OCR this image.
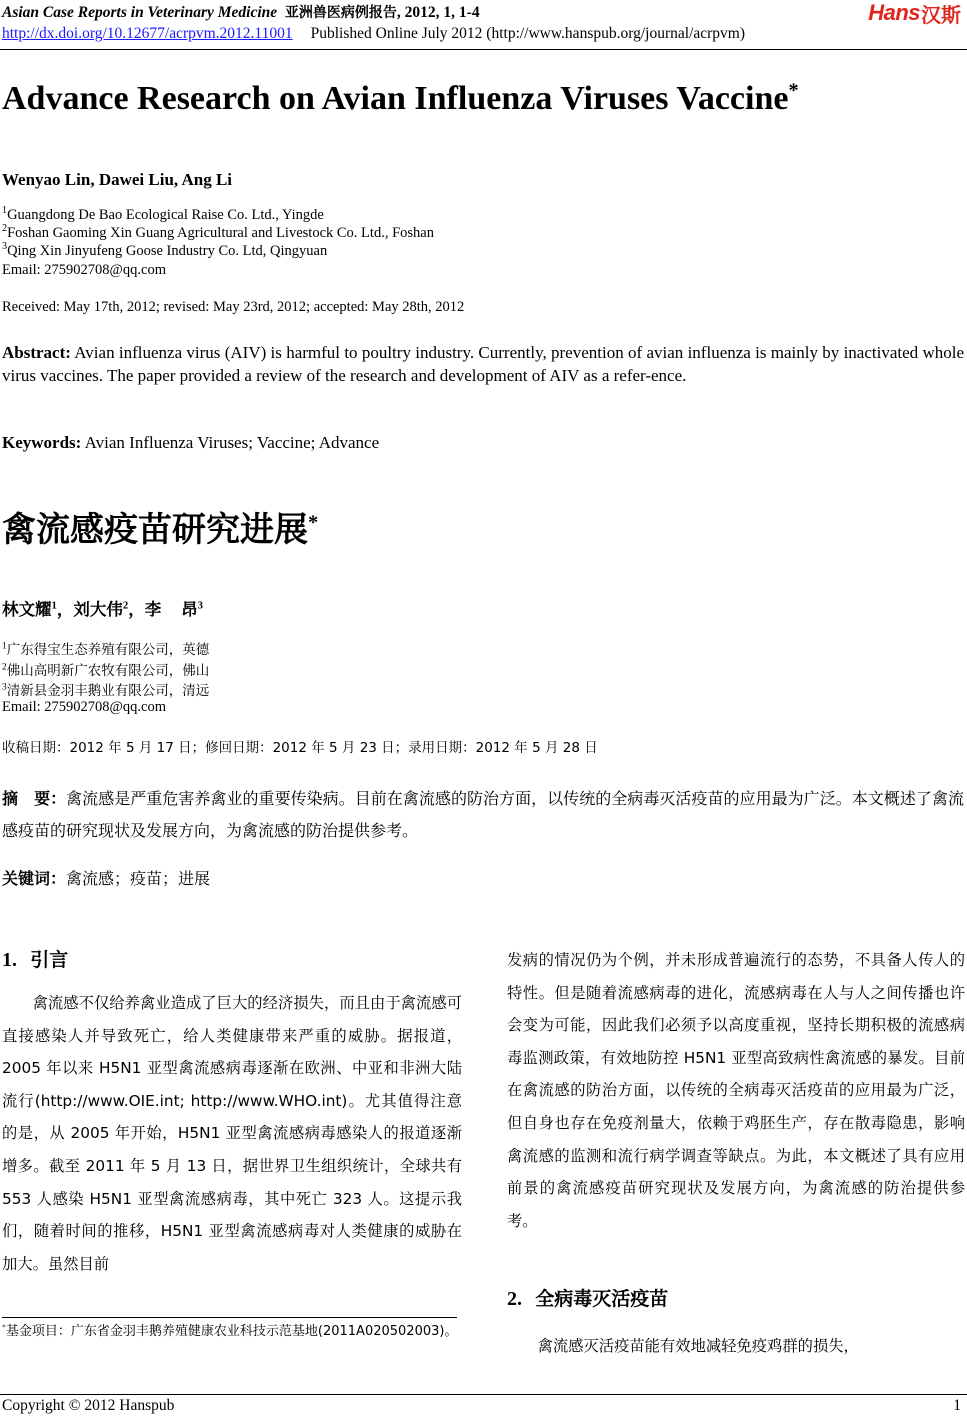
Asian Case Reports in Veterinary Medicine 亚洲兽医病例报告, 2012, 1, 1-4	Hans 汉斯
http://dx.doi.org/10.12677/acrpvm.2012.11001 Published Online July 2012 (http://www.hanspub.org/journal/acrpvm)
Advance Research on Avian Influenza Viruses Vaccine*
Wenyao Lin, Dawei Liu, Ang Li
$^1$Guangdong De Bao Ecological Raise Co. Ltd., Yingde
$^2$Foshan Gaoming Xin Guang Agricultural and Livestock Co. Ltd., Foshan
$^3$Qing Xin Jinyufeng Goose Industry Co. Ltd, Qingyuan
Email: 275902708@qq.com
Received: May 17th, 2012; revised: May 23rd, 2012; accepted: May 28th, 2012
Abstract: Avian influenza virus (AIV) is harmful to poultry industry. Currently, prevention of avian influenza is mainly by inactivated whole virus vaccines. The paper provided a review of the research and development of AIV as a refer-ence.
Keywords: Avian Influenza Viruses; Vaccine; Advance
禽流感疫苗研究进展*
林文耀$^1$，刘大伟$^2$，李  昂$^3$
$^1$广东得宝生态养殖有限公司，英德
$^2$佛山高明新广农牧有限公司，佛山
$^3$清新县金羽丰鹅业有限公司，清远
Email: 275902708@qq.com
收稿日期：2012 年 5 月 17 日；修回日期：2012 年 5 月 23 日；录用日期：2012 年 5 月 28 日
摘　要：禽流感是严重危害养禽业的重要传染病。目前在禽流感的防治方面，以传统的全病毒灭活疫苗的应用最为广泛。本文概述了禽流感疫苗的研究现状及发展方向，为禽流感的防治提供参考。
关键词：禽流感；疫苗；进展
1. 引言
禽流感不仅给养禽业造成了巨大的经济损失，而且由于禽流感可直接感染人并导致死亡，给人类健康带来严重的威胁。据报道，2005 年以来 H5N1 亚型禽流感病毒逐渐在欧洲、中亚和非洲大陆流行(http://www.OIE.int; http://www.WHO.int)。尤其值得注意的是，从 2005 年开始，H5N1 亚型禽流感病毒感染人的报道逐渐增多。截至 2011 年 5 月 13 日，据世界卫生组织统计，全球共有 553 人感染 H5N1 亚型禽流感病毒，其中死亡 323 人。这提示我们，随着时间的推移，H5N1 亚型禽流感病毒对人类健康的威胁在加大。虽然目前
发病的情况仍为个例，并未形成普遍流行的态势，不具备人传人的特性。但是随着流感病毒的进化，流感病毒在人与人之间传播也许会变为可能，因此我们必须予以高度重视，坚持长期积极的流感病毒监测政策，有效地防控 H5N1 亚型高致病性禽流感的暴发。目前在禽流感的防治方面，以传统的全病毒灭活疫苗的应用最为广泛，但自身也存在免疫剂量大，依赖于鸡胚生产，存在散毒隐患，影响禽流感的监测和流行病学调查等缺点。为此，本文概述了具有应用前景的禽流感疫苗研究现状及发展方向，为禽流感的防治提供参考。
2. 全病毒灭活疫苗
禽流感灭活疫苗能有效地减轻免疫鸡群的损失，
*基金项目：广东省金羽丰鹅养殖健康农业科技示范基地(2011A020502003)。
Copyright © 2012 Hanspub	1
